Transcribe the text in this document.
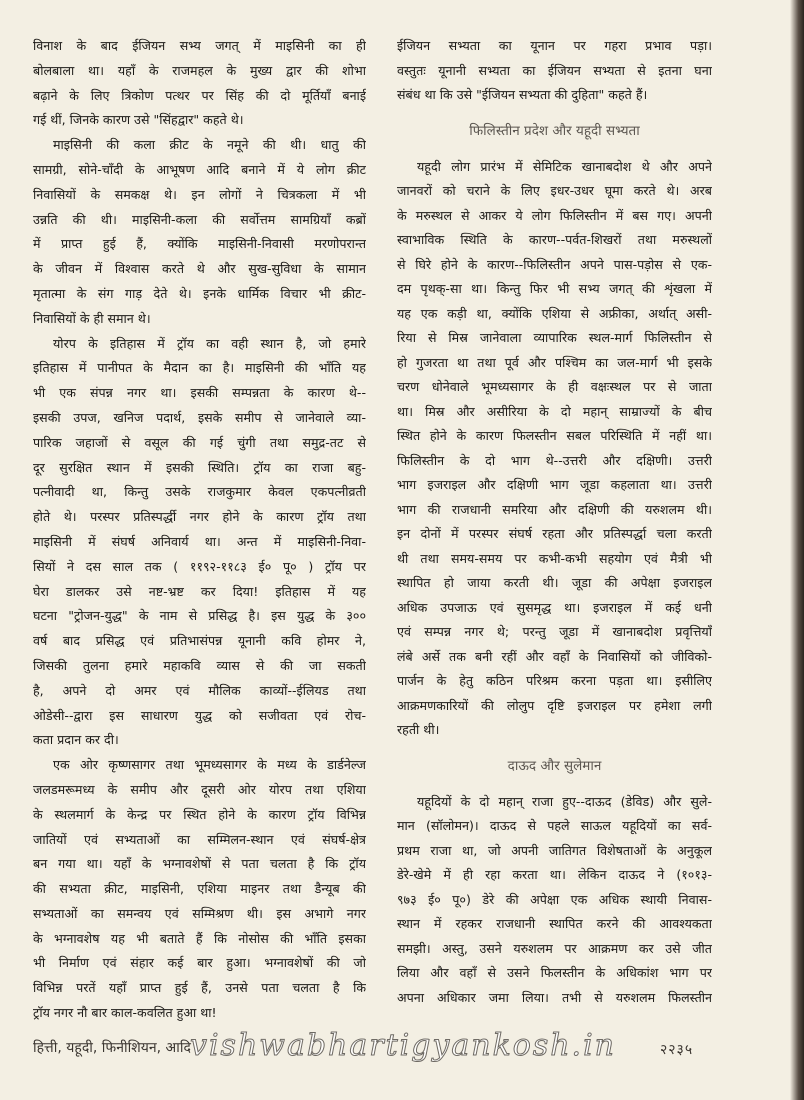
विनाश के बाद ईजियन सभ्य जगत् में माइसिनी का ही
बोलबाला था। यहाँ के राजमहल के मुख्य द्वार की शोभा
बढ़ाने के लिए त्रिकोण पत्थर पर सिंह की दो मूर्तियाँ बनाई
गई थीं, जिनके कारण उसे "सिंहद्वार" कहते थे।
माइसिनी की कला क्रीट के नमूने की थी। धातु की
सामग्री, सोने-चाँदी के आभूषण आदि बनाने में ये लोग क्रीट
निवासियों के समकक्ष थे। इन लोगों ने चित्रकला में भी
उन्नति की थी। माइसिनी-कला की सर्वोत्तम सामग्रियाँ कब्रों
में प्राप्त हुई हैं, क्योंकि माइसिनी-निवासी मरणोपरान्त
के जीवन में विश्वास करते थे और सुख-सुविधा के सामान
मृतात्मा के संग गाड़ देते थे। इनके धार्मिक विचार भी क्रीट-
निवासियों के ही समान थे।
योरप के इतिहास में ट्रॉय का वही स्थान है, जो हमारे
इतिहास में पानीपत के मैदान का है। माइसिनी की भाँति यह
भी एक संपन्न नगर था। इसकी सम्पन्नता के कारण थे--
इसकी उपज, खनिज पदार्थ, इसके समीप से जानेवाले व्या-
पारिक जहाजों से वसूल की गई चुंगी तथा समुद्र-तट से
दूर सुरक्षित स्थान में इसकी स्थिति। ट्रॉय का राजा बहु-
पत्नीवादी था, किन्तु उसके राजकुमार केवल एकपत्नीव्रती
होते थे। परस्पर प्रतिस्पर्द्धी नगर होने के कारण ट्रॉय तथा
माइसिनी में संघर्ष अनिवार्य था। अन्त में माइसिनी-निवा-
सियों ने दस साल तक ( ११९२-११८३ ई० पू० ) ट्रॉय पर
घेरा डालकर उसे नष्ट-भ्रष्ट कर दिया! इतिहास में यह
घटना "ट्रोजन-युद्ध" के नाम से प्रसिद्ध है। इस युद्ध के ३००
वर्ष बाद प्रसिद्ध एवं प्रतिभासंपन्न यूनानी कवि होमर ने,
जिसकी तुलना हमारे महाकवि व्यास से की जा सकती
है, अपने दो अमर एवं मौलिक काव्यों--ईलियड तथा
ओडेसी--द्वारा इस साधारण युद्ध को सजीवता एवं रोच-
कता प्रदान कर दी।
एक ओर कृष्णसागर तथा भूमध्यसागर के मध्य के डार्डनेल्ज
जलडमरूमध्य के समीप और दूसरी ओर योरप तथा एशिया
के स्थलमार्ग के केन्द्र पर स्थित होने के कारण ट्रॉय विभिन्न
जातियों एवं सभ्यताओं का सम्मिलन-स्थान एवं संघर्ष-क्षेत्र
बन गया था। यहाँ के भग्नावशेषों से पता चलता है कि ट्रॉय
की सभ्यता क्रीट, माइसिनी, एशिया माइनर तथा डैन्यूब की
सभ्यताओं का समन्वय एवं सम्मिश्रण थी। इस अभागे नगर
के भग्नावशेष यह भी बताते हैं कि नोसोस की भाँति इसका
भी निर्माण एवं संहार कई बार हुआ। भग्नावशेषों की जो
विभिन्न परतें यहाँ प्राप्त हुई हैं, उनसे पता चलता है कि
ट्रॉय नगर नौ बार काल-कवलित हुआ था!
ईजियन सभ्यता का यूनान पर गहरा प्रभाव पड़ा।
वस्तुतः यूनानी सभ्यता का ईजियन सभ्यता से इतना घना
संबंध था कि उसे "ईजियन सभ्यता की दुहिता" कहते हैं।
फिलिस्तीन प्रदेश और यहूदी सभ्यता
यहूदी लोग प्रारंभ में सेमिटिक खानाबदोश थे और अपने
जानवरों को चराने के लिए इधर-उधर घूमा करते थे। अरब
के मरुस्थल से आकर ये लोग फिलिस्तीन में बस गए। अपनी
स्वाभाविक स्थिति के कारण--पर्वत-शिखरों तथा मरुस्थलों
से घिरे होने के कारण--फिलिस्तीन अपने पास-पड़ोस से एक-
दम पृथक्-सा था। किन्तु फिर भी सभ्य जगत् की शृंखला में
यह एक कड़ी था, क्योंकि एशिया से अफ्रीका, अर्थात् असी-
रिया से मिस्र जानेवाला व्यापारिक स्थल-मार्ग फिलिस्तीन से
हो गुजरता था तथा पूर्व और पश्चिम का जल-मार्ग भी इसके
चरण धोनेवाले भूमध्यसागर के ही वक्षःस्थल पर से जाता
था। मिस्र और असीरिया के दो महान् साम्राज्यों के बीच
स्थित होने के कारण फिलस्तीन सबल परिस्थिति में नहीं था।
फिलिस्तीन के दो भाग थे--उत्तरी और दक्षिणी। उत्तरी
भाग इजराइल और दक्षिणी भाग जूडा कहलाता था। उत्तरी
भाग की राजधानी समरिया और दक्षिणी की यरुशलम थी।
इन दोनों में परस्पर संघर्ष रहता और प्रतिस्पर्द्धा चला करती
थी तथा समय-समय पर कभी-कभी सहयोग एवं मैत्री भी
स्थापित हो जाया करती थी। जूडा की अपेक्षा इजराइल
अधिक उपजाऊ एवं सुसमृद्ध था। इजराइल में कई धनी
एवं सम्पन्न नगर थे; परन्तु जूडा में खानाबदोश प्रवृत्तियाँ
लंबे अर्से तक बनी रहीं और वहाँ के निवासियों को जीविको-
पार्जन के हेतु कठिन परिश्रम करना पड़ता था। इसीलिए
आक्रमणकारियों की लोलुप दृष्टि इजराइल पर हमेशा लगी
रहती थी।
दाऊद और सुलेमान
यहूदियों के दो महान् राजा हुए--दाऊद (डेविड) और सुले-
मान (सॉलोमन)। दाऊद से पहले साऊल यहूदियों का सर्व-
प्रथम राजा था, जो अपनी जातिगत विशेषताओं के अनुकूल
डेरे-खेमे में ही रहा करता था। लेकिन दाऊद ने (१०१३-
९७३ ई० पू०) डेरे की अपेक्षा एक अधिक स्थायी निवास-
स्थान में रहकर राजधानी स्थापित करने की आवश्यकता
समझी। अस्तु, उसने यरुशलम पर आक्रमण कर उसे जीत
लिया और वहाँ से उसने फिलस्तीन के अधिकांश भाग पर
अपना अधिकार जमा लिया। तभी से यरुशलम फिलस्तीन
हित्ती, यहूदी, फिनीशियन, आदि vishwabhartigyankosh.in	२२३५
